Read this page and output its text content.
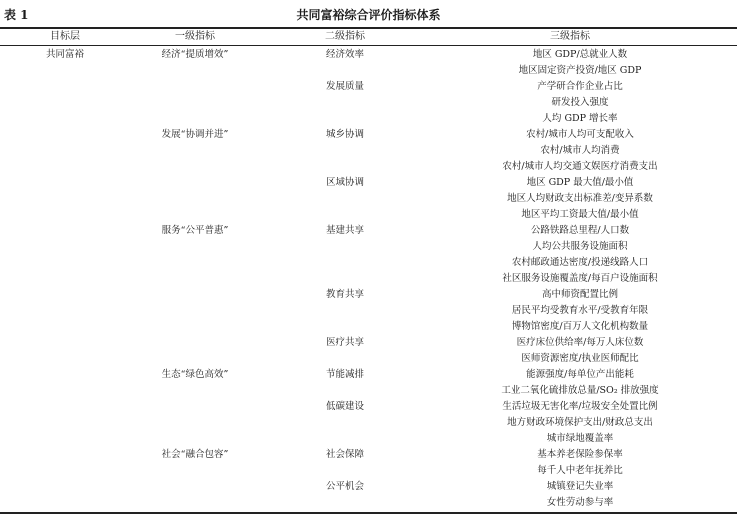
表 1	共同富裕综合评价指标体系
目标层	一级指标	二级指标	三级指标
共同富裕	经济“提质增效”	经济效率	地区 GDP/总就业人数
地区固定资产投资/地区 GDP
发展质量	产学研合作企业占比
研发投入强度
人均 GDP 增长率
发展“协调并进”	城乡协调	农村/城市人均可支配收入
农村/城市人均消费
农村/城市人均交通文娱医疗消费支出
区域协调	地区 GDP 最大值/最小值
地区人均财政支出标准差/变异系数
地区平均工资最大值/最小值
服务“公平普惠”	基建共享	公路铁路总里程/人口数
人均公共服务设施面积
农村邮政通达密度/投递线路人口
社区服务设施覆盖度/每百户设施面积
教育共享	高中师资配置比例
居民平均受教育水平/受教育年限
博物馆密度/百万人文化机构数量
医疗共享	医疗床位供给率/每万人床位数
医师资源密度/执业医师配比
生态“绿色高效”	节能减排	能源强度/每单位产出能耗
工业二氧化硫排放总量/SO₂ 排放强度
低碳建设	生活垃圾无害化率/垃圾安全处置比例
地方财政环境保护支出/财政总支出
城市绿地覆盖率
社会“融合包容”	社会保障	基本养老保险参保率
每千人中老年抚养比
公平机会	城镇登记失业率
女性劳动参与率
